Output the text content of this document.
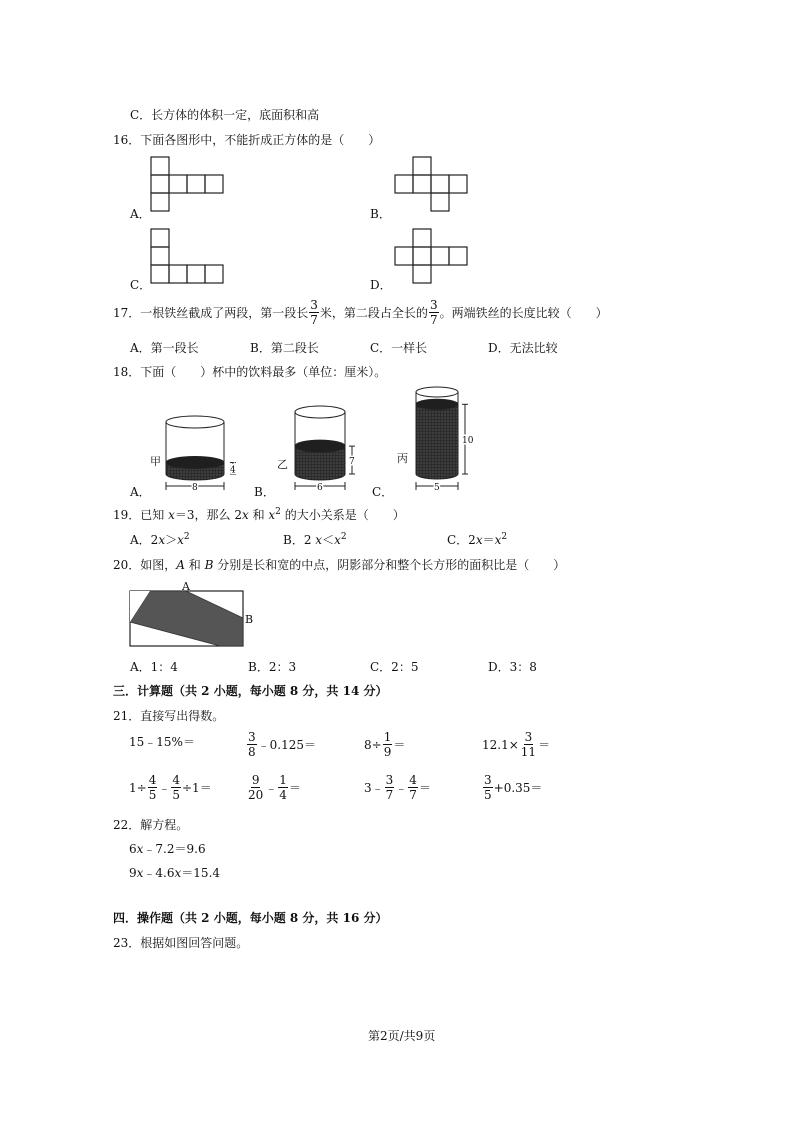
C．长方体的体积一定，底面积和高
16．下面各图形中，不能折成正方体的是（　　）
A．	B．
C．	D．
17．一根铁丝截成了两段，第一段长 $\frac{3}{7}$ 米，第二段占全长的 $\frac{3}{7}$ 。两端铁丝的长度比较（　　）
A．第一段长	B．第二段长	C．一样长	D．无法比较
18．下面（　　）杯中的饮料最多（单位：厘米）。
8
4
甲
6
7
乙
5
10
丙
A．	B．	C．
19．已知 x＝3，那么 2x 和 $x^2$ 的大小关系是（　　）
A．$2x>x^2$	B．2 $x<x^2$	C．$2x=x^2$
20．如图，A 和 B 分别是长和宽的中点，阴影部分和整个长方形的面积比是（　　）
A
B
A．1：4	B．2：3	C．2：5	D．3：8
三．计算题（共 2 小题，每小题 8 分，共 14 分）
21．直接写出得数。
15﹣15%＝	$\frac{3}{8}$ ﹣0.125＝	$8\div \frac{1}{9}$ ＝	$12.1\times \frac{3}{11}$ ＝
$1\div \frac{4}{5}$ ﹣ $\frac{4}{5} \div 1=$	$\frac{9}{20}$ ﹣ $\frac{1}{4}$ ＝	3﹣ $\frac{3}{7}$ ﹣ $\frac{4}{7}$ ＝	$\frac{3}{5} +0.35=$
22．解方程。
6x﹣7.2＝9.6
9x﹣4.6x＝15.4
四．操作题（共 2 小题，每小题 8 分，共 16 分）
23．根据如图回答问题。
第2页/共9页
